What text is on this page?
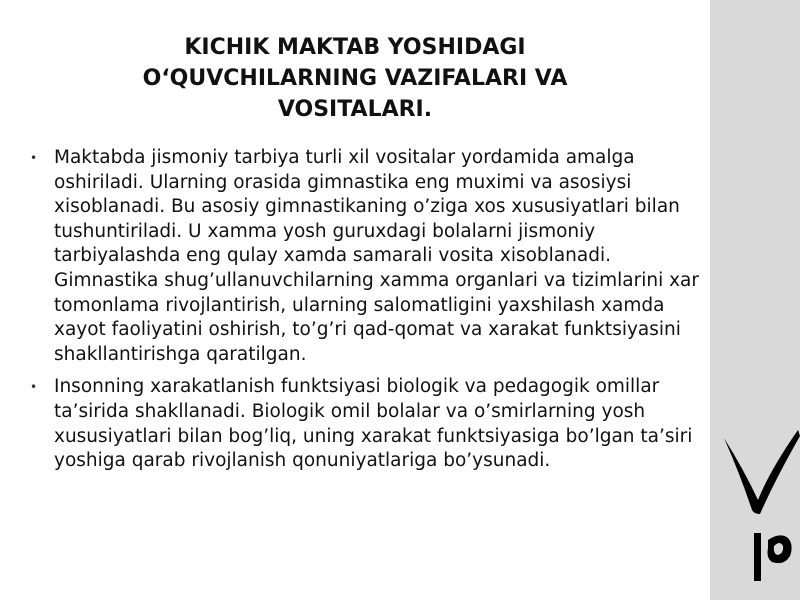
KICHIK MAKTAB YOSHIDAGI O‘QUVCHILARNING VAZIFALARI VA VOSITALARI.
• Maktabda jismoniy tarbiya turli xil vositalar yordamida amalga oshiriladi. Ularning orasida gimnastika eng muximi va asosiysi xisoblanadi. Bu asosiy gimnastikaning o’ziga xos xususiyatlari bilan tushuntiriladi. U xamma yosh guruxdagi bolalarni jismoniy tarbiyalashda eng qulay xamda samarali vosita xisoblanadi. Gimnastika shug’ullanuvchilarning xamma organlari va tizimlarini xar tomonlama rivojlantirish, ularning salomatligini yaxshilash xamda xayot faoliyatini oshirish, to’g’ri qad-qomat va xarakat funktsiyasini shakllantirishga qaratilgan.
• Insonning xarakatlanish funktsiyasi biologik va pedagogik omillar ta’sirida shakllanadi. Biologik omil bolalar va o’smirlarning yosh xususiyatlari bilan bog’liq, uning xarakat funktsiyasiga bo’lgan ta’siri yoshiga qarab rivojlanish qonuniyatlariga bo’ysunadi.
